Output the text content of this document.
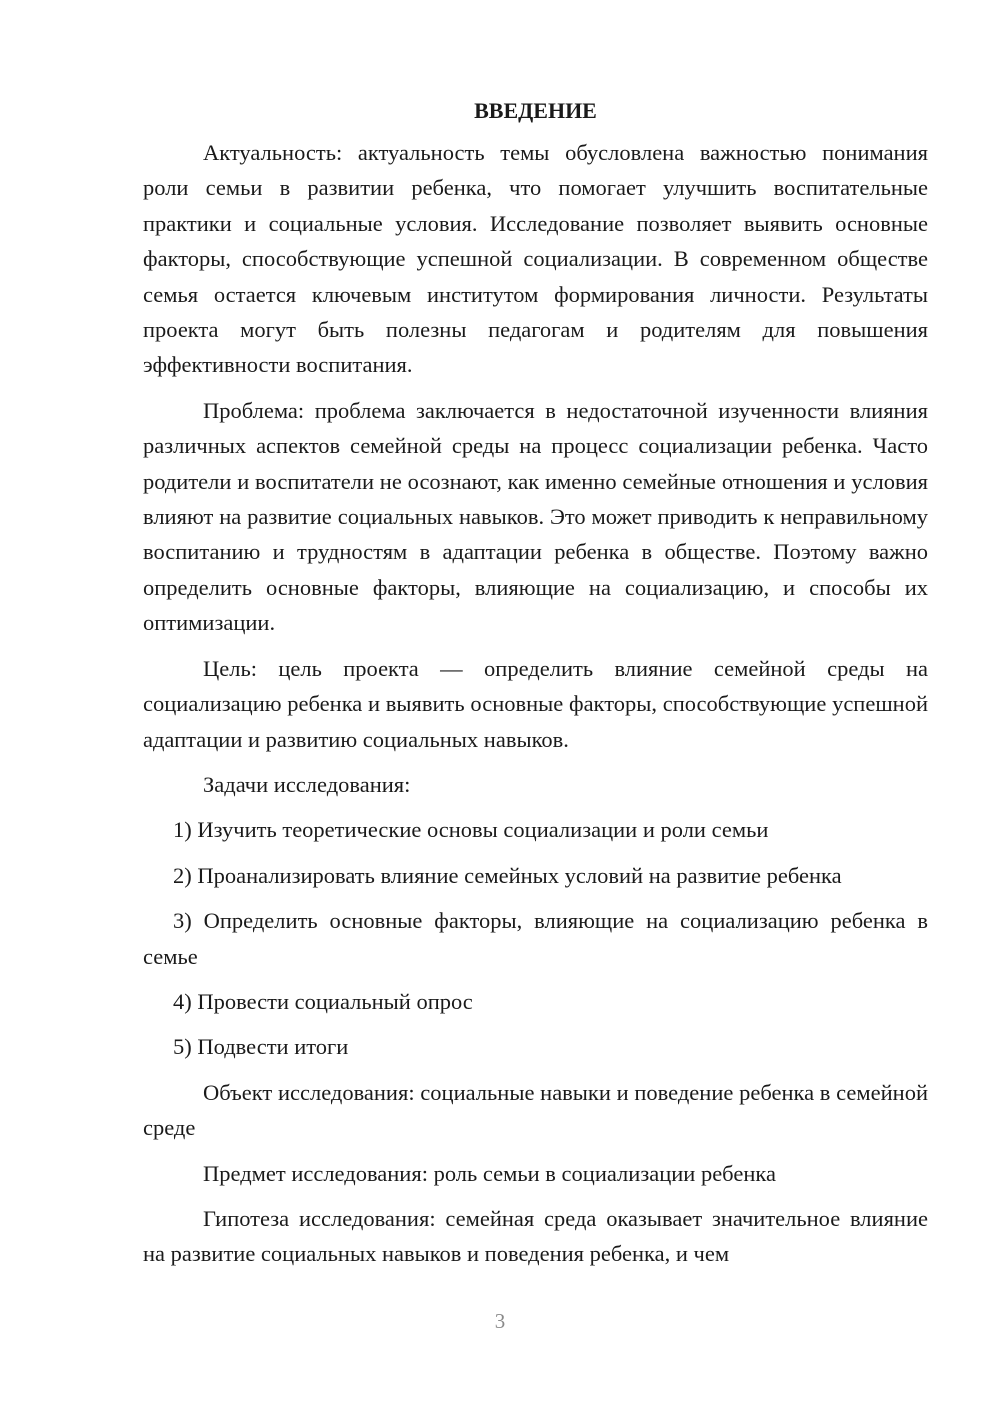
ВВЕДЕНИЕ

Актуальность: актуальность темы обусловлена важностью понимания роли семьи в развитии ребенка, что помогает улучшить воспитательные практики и социальные условия. Исследование позволяет выявить основные факторы, способствующие успешной социализации. В современном обществе семья остается ключевым институтом формирования личности. Результаты проекта могут быть полезны педагогам и родителям для повышения эффективности воспитания.

Проблема: проблема заключается в недостаточной изученности влияния различных аспектов семейной среды на процесс социализации ребенка. Часто родители и воспитатели не осознают, как именно семейные отношения и условия влияют на развитие социальных навыков. Это может приводить к неправильному воспитанию и трудностям в адаптации ребенка в обществе. Поэтому важно определить основные факторы, влияющие на социализацию, и способы их оптимизации.

Цель: цель проекта — определить влияние семейной среды на социализацию ребенка и выявить основные факторы, способствующие успешной адаптации и развитию социальных навыков.

Задачи исследования:

1) Изучить теоретические основы социализации и роли семьи

2) Проанализировать влияние семейных условий на развитие ребенка

3) Определить основные факторы, влияющие на социализацию ребенка в семье

4) Провести социальный опрос

5) Подвести итоги

Объект исследования: социальные навыки и поведение ребенка в семейной среде

Предмет исследования: роль семьи в социализации ребенка

Гипотеза исследования: семейная среда оказывает значительное влияние на развитие социальных навыков и поведения ребенка, и чем

3
